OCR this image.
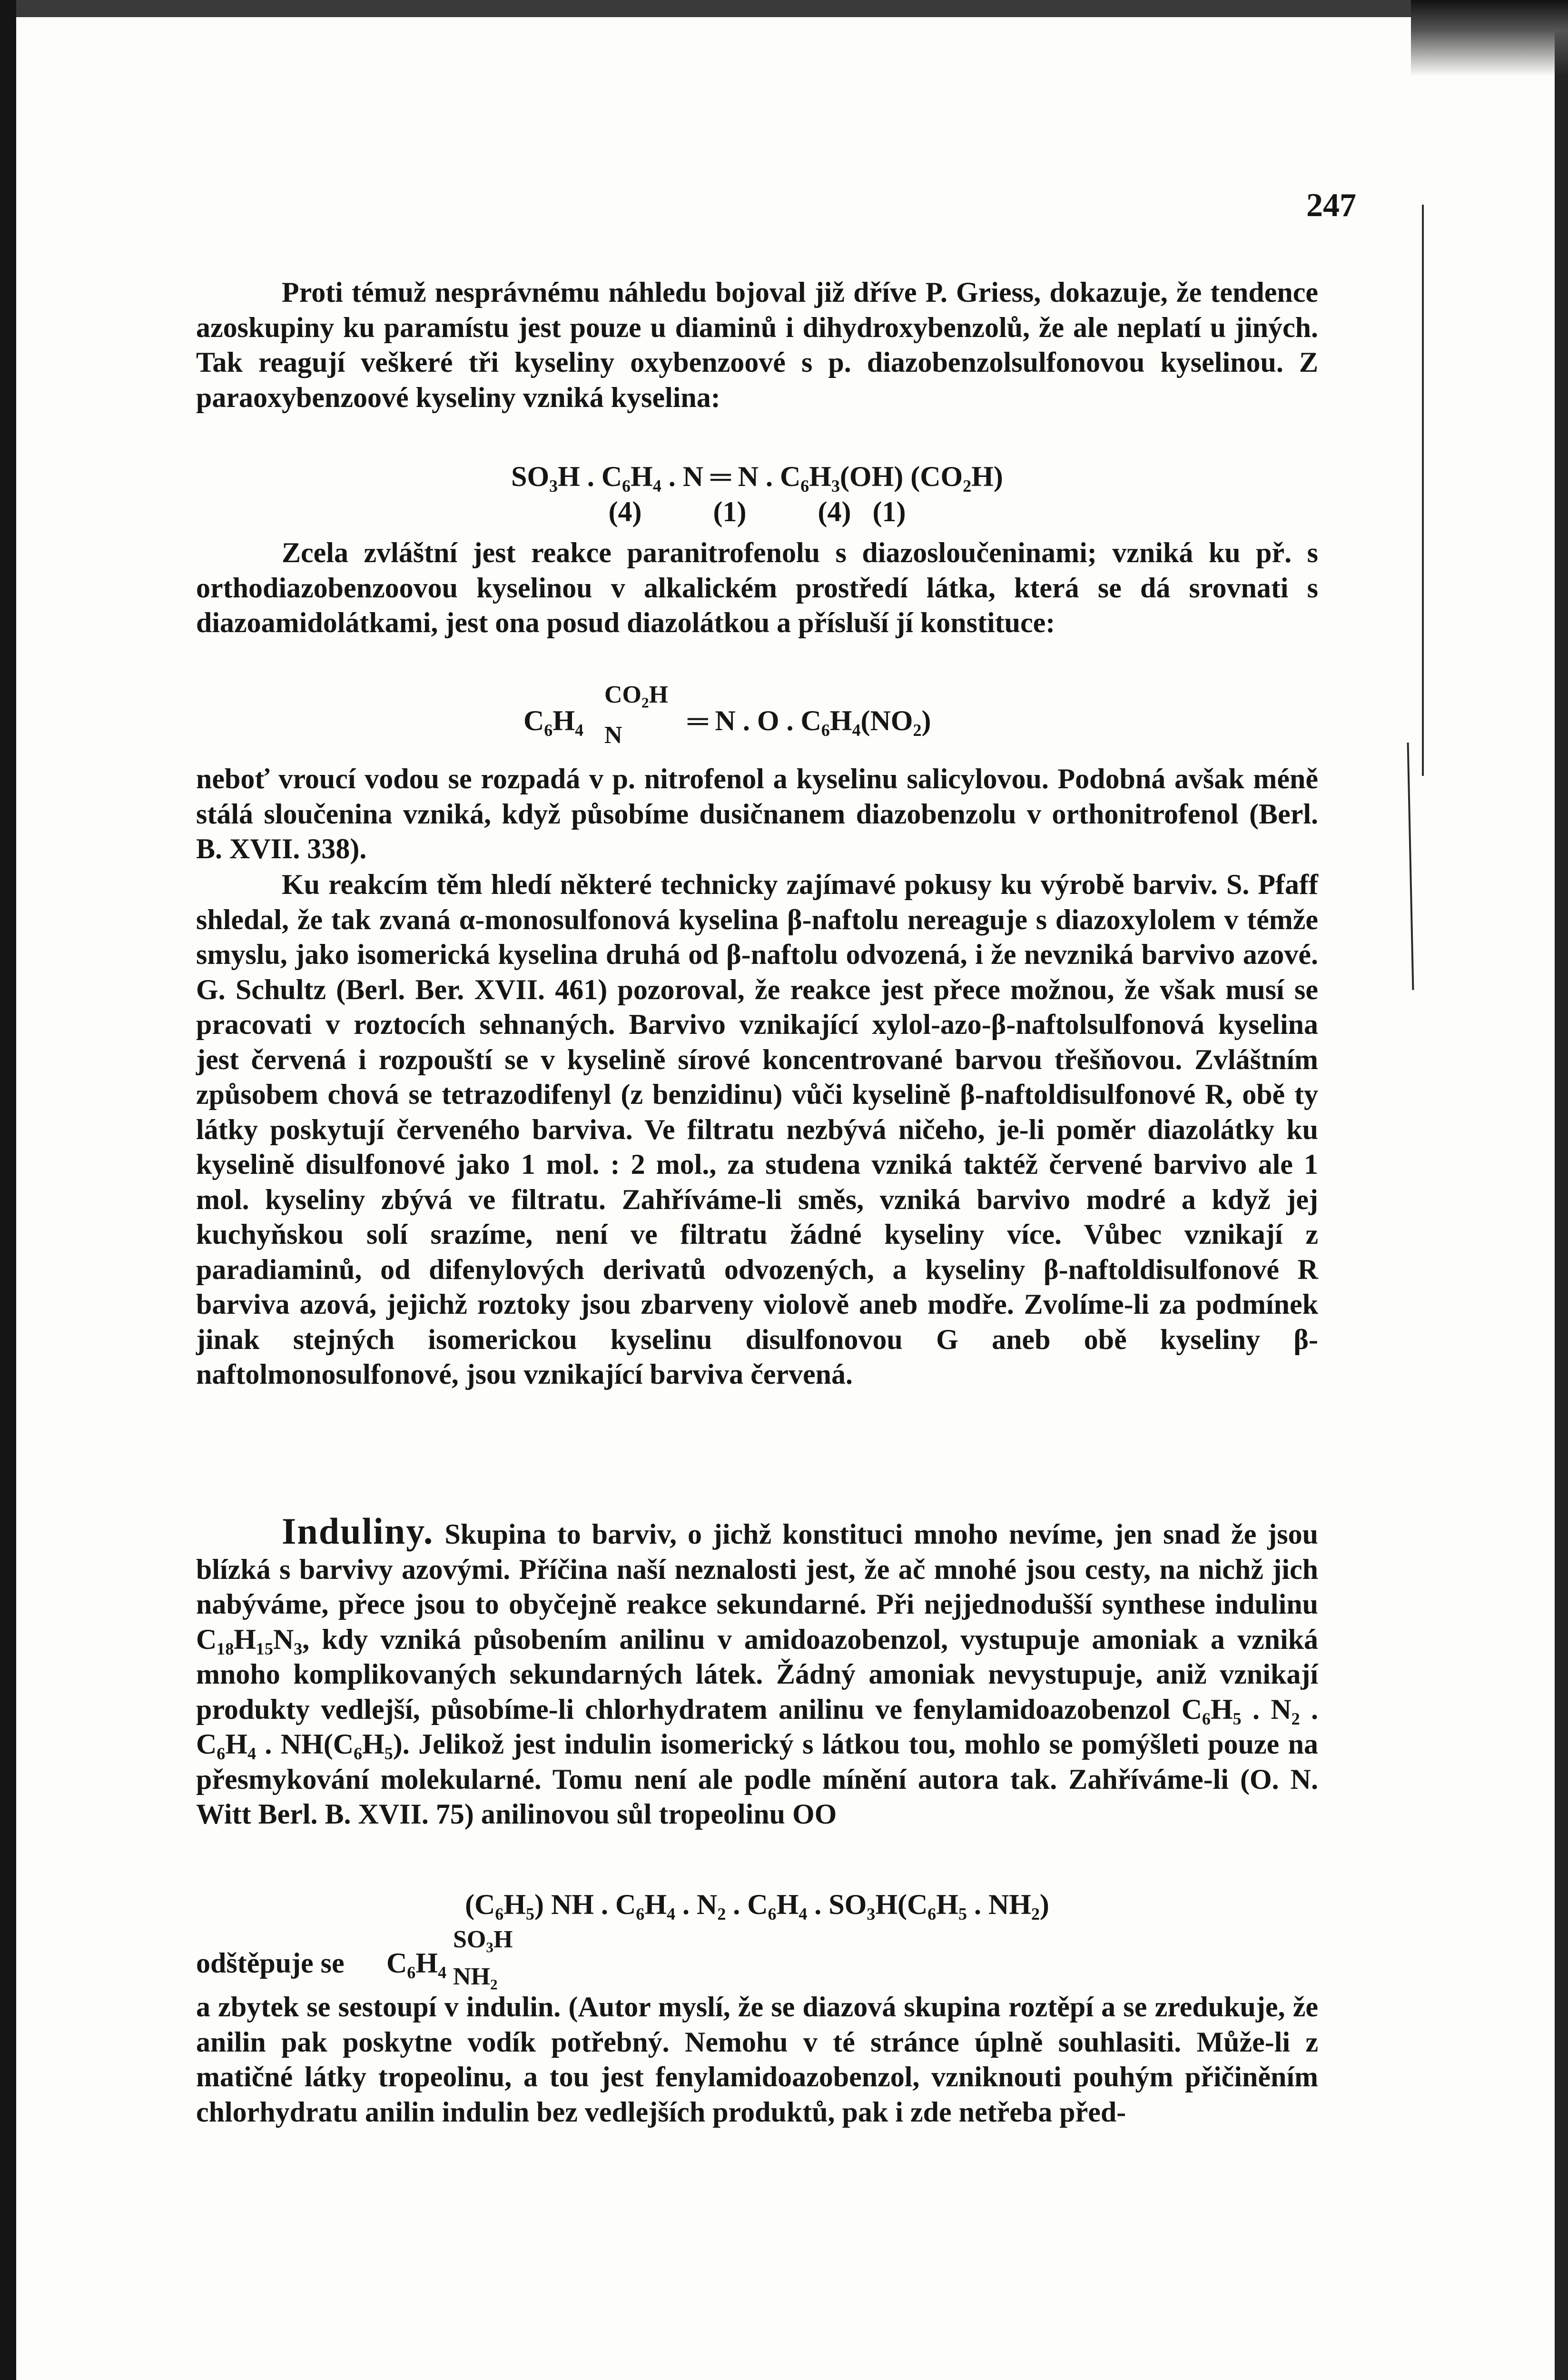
247

Proti témuž nesprávnému náhledu bojoval již dříve P. Griess, dokazuje, že tendence azoskupiny ku paramístu jest pouze u diaminů i dihydroxybenzolů, že ale neplatí u jiných. Tak reagují veškeré tři kyseliny oxybenzoové s p. diazobenzolsulfonovou kyselinou. Z paraoxybenzoové kyseliny vzniká kyselina:

SO₃H . C₆H₄ . N ═ N . C₆H₃(OH) (CO₂H)
(4)          (1)          (4)   (1)

Zcela zvláštní jest reakce paranitrofenolu s diazosloučeninami; vzniká ku př. s orthodiazobenzoovou kyselinou v alkalickém prostředí látka, která se dá srovnati s diazoamidolátkami, jest ona posud diazolátkou a přísluší jí konstituce:

C₆H₄
CO₂H
N ═ N . O . C₆H₄(NO₂)

neboť vroucí vodou se rozpadá v p. nitrofenol a kyselinu salicylovou. Podobná avšak méně stálá sloučenina vzniká, když působíme dusičnanem diazobenzolu v orthonitrofenol (Berl. B. XVII. 338).

Ku reakcím těm hledí některé technicky zajímavé pokusy ku výrobě barviv. S. Pfaff shledal, že tak zvaná α-monosulfonová kyselina β-naftolu nereaguje s diazoxylolem v témže smyslu, jako isomerická kyselina druhá od β-naftolu odvozená, i že nevzniká barvivo azové. G. Schultz (Berl. Ber. XVII. 461) pozoroval, že reakce jest přece možnou, že však musí se pracovati v roztocích sehnaných. Barvivo vznikající xylol-azo-β-naftolsulfonová kyselina jest červená i rozpouští se v kyselině sírové koncentrované barvou třešňovou. Zvláštním způsobem chová se tetrazodifenyl (z benzidinu) vůči kyselině β-naftoldisulfonové R, obě ty látky poskytují červeného barviva. Ve filtratu nezbývá ničeho, je-li poměr diazolátky ku kyselině disulfonové jako 1 mol. : 2 mol., za studena vzniká taktéž červené barvivo ale 1 mol. kyseliny zbývá ve filtratu. Zahříváme-li směs, vzniká barvivo modré a když jej kuchyňskou solí srazíme, není ve filtratu žádné kyseliny více. Vůbec vznikají z paradiaminů, od difenylových derivatů odvozených, a kyseliny β-naftoldisulfonové R barviva azová, jejichž roztoky jsou zbarveny violově aneb modře. Zvolíme-li za podmínek jinak stejných isomerickou kyselinu disulfonovou G aneb obě kyseliny β-naftolmonosulfonové, jsou vznikající barviva červená.

Induliny. Skupina to barviv, o jichž konstituci mnoho nevíme, jen snad že jsou blízká s barvivy azovými. Příčina naší neznalosti jest, že ač mnohé jsou cesty, na nichž jich nabýváme, přece jsou to obyčejně reakce sekundarné. Při nejjednodušší synthese indulinu C₁₈H₁₅N₃, kdy vzniká působením anilinu v amidoazobenzol, vystupuje amoniak a vzniká mnoho komplikovaných sekundarných látek. Žádný amoniak nevystupuje, aniž vznikají produkty vedlejší, působíme-li chlorhydratem anilinu ve fenylamidoazobenzol C₆H₅ . N₂ . C₆H₄ . NH(C₆H₅). Jelikož jest indulin isomerický s látkou tou, mohlo se pomýšleti pouze na přesmykování molekularné. Tomu není ale podle mínění autora tak. Zahříváme-li (O. N. Witt Berl. B. XVII. 75) anilinovou sůl tropeolinu OO

(C₆H₅) NH . C₆H₄ . N₂ . C₆H₄ . SO₃H(C₆H₅ . NH₂)
odštěpuje se C₆H₄
SO₃H
NH₂

a zbytek se sestoupí v indulin. (Autor myslí, že se diazová skupina roztěpí a se zredukuje, že anilin pak poskytne vodík potřebný. Nemohu v té stránce úplně souhlasiti. Může-li z matičné látky tropeolinu, a tou jest fenylamidoazobenzol, vzniknouti pouhým přičiněním chlorhydratu anilin indulin bez vedlejších produktů, pak i zde netřeba před-
